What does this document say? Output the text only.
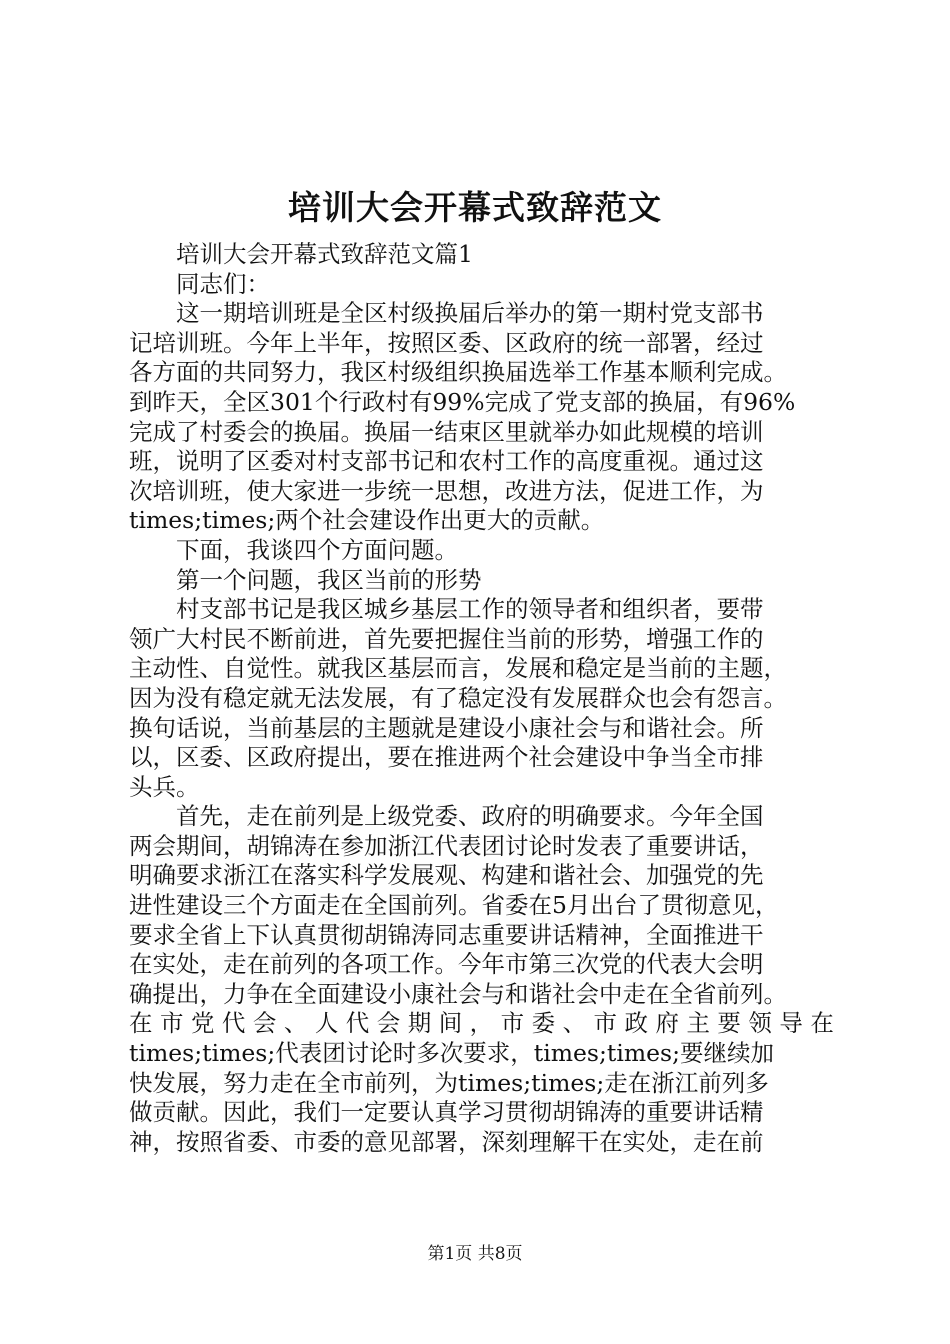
培训大会开幕式致辞范文

培训大会开幕式致辞范文篇1

同志们：

这一期培训班是全区村级换届后举办的第一期村党支部书
记培训班。今年上半年，按照区委、区政府的统一部署，经过
各方面的共同努力，我区村级组织换届选举工作基本顺利完成。
到昨天，全区301个行政村有99%完成了党支部的换届，有96%
完成了村委会的换届。换届一结束区里就举办如此规模的培训
班，说明了区委对村支部书记和农村工作的高度重视。通过这
次培训班，使大家进一步统一思想，改进方法，促进工作，为
times;times;两个社会建设作出更大的贡献。

下面，我谈四个方面问题。

第一个问题，我区当前的形势

村支部书记是我区城乡基层工作的领导者和组织者，要带
领广大村民不断前进，首先要把握住当前的形势，增强工作的
主动性、自觉性。就我区基层而言，发展和稳定是当前的主题，
因为没有稳定就无法发展，有了稳定没有发展群众也会有怨言。
换句话说，当前基层的主题就是建设小康社会与和谐社会。所
以，区委、区政府提出，要在推进两个社会建设中争当全市排
头兵。

首先，走在前列是上级党委、政府的明确要求。今年全国
两会期间，胡锦涛在参加浙江代表团讨论时发表了重要讲话，
明确要求浙江在落实科学发展观、构建和谐社会、加强党的先
进性建设三个方面走在全国前列。省委在5月出台了贯彻意见，
要求全省上下认真贯彻胡锦涛同志重要讲话精神，全面推进干
在实处，走在前列的各项工作。今年市第三次党的代表大会明
确提出，力争在全面建设小康社会与和谐社会中走在全省前列。
在 市 党 代 会 、 人 代 会 期 间 ， 市 委 、 市 政 府 主 要 领 导 在
times;times;代表团讨论时多次要求，times;times;要继续加
快发展，努力走在全市前列，为times;times;走在浙江前列多
做贡献。因此，我们一定要认真学习贯彻胡锦涛的重要讲话精
神，按照省委、市委的意见部署，深刻理解干在实处，走在前

第1页 共8页
